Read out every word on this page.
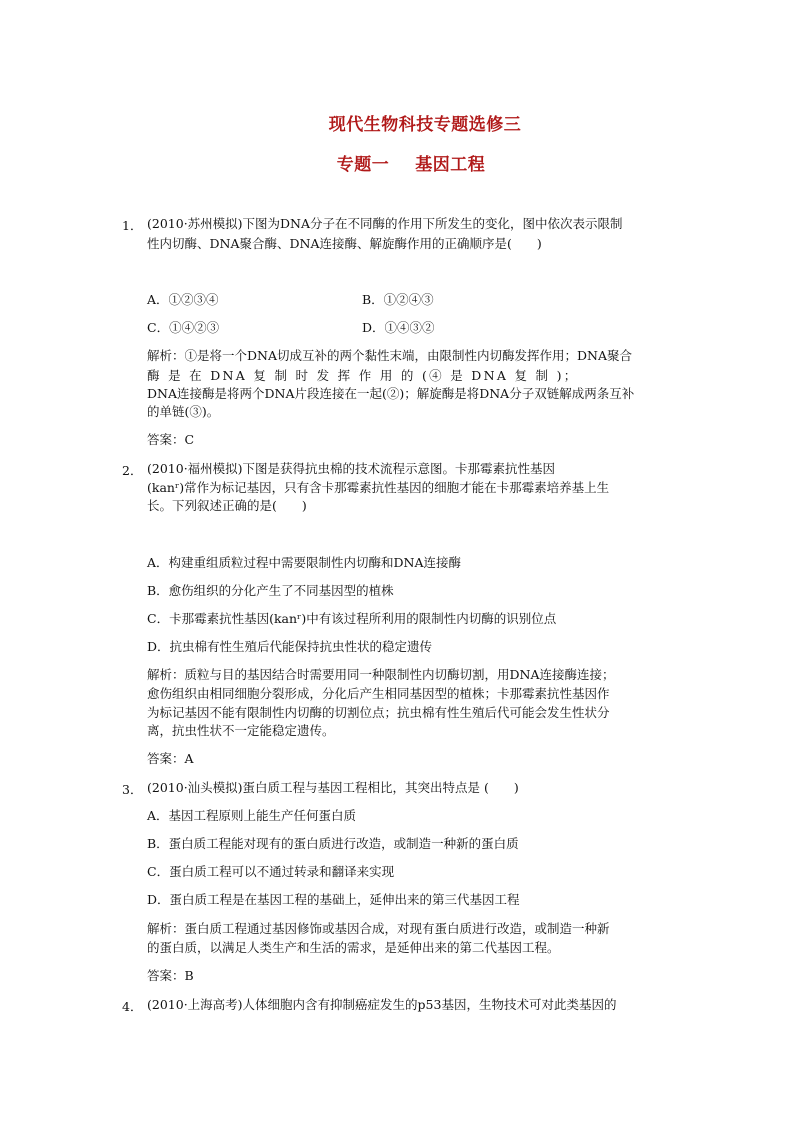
现代生物科技专题选修三
专题一 基因工程
1． (2010·苏州模拟)下图为DNA分子在不同酶的作用下所发生的变化，图中依次表示限制
性内切酶、DNA聚合酶、DNA连接酶、解旋酶作用的正确顺序是(　　)
A．①②③④	B．①②④③
C．①④②③	D．①④③②
解析：①是将一个DNA切成互补的两个黏性末端，由限制性内切酶发挥作用；DNA聚合
酶 是 在 DNA 复 制 时 发 挥 作 用 的 (④ 是 DNA 复 制 )；
DNA连接酶是将两个DNA片段连接在一起(②)；解旋酶是将DNA分子双链解成两条互补
的单链(③)。
答案：C
2． (2010·福州模拟)下图是获得抗虫棉的技术流程示意图。卡那霉素抗性基因
(kanʳ)常作为标记基因，只有含卡那霉素抗性基因的细胞才能在卡那霉素培养基上生
长。下列叙述正确的是(　　)
A．构建重组质粒过程中需要限制性内切酶和DNA连接酶
B．愈伤组织的分化产生了不同基因型的植株
C．卡那霉素抗性基因(kanʳ)中有该过程所利用的限制性内切酶的识别位点
D．抗虫棉有性生殖后代能保持抗虫性状的稳定遗传
解析：质粒与目的基因结合时需要用同一种限制性内切酶切割，用DNA连接酶连接；
愈伤组织由相同细胞分裂形成，分化后产生相同基因型的植株；卡那霉素抗性基因作
为标记基因不能有限制性内切酶的切割位点；抗虫棉有性生殖后代可能会发生性状分
离，抗虫性状不一定能稳定遗传。
答案：A
3． (2010·汕头模拟)蛋白质工程与基因工程相比，其突出特点是 (　　)
A．基因工程原则上能生产任何蛋白质
B．蛋白质工程能对现有的蛋白质进行改造，或制造一种新的蛋白质
C．蛋白质工程可以不通过转录和翻译来实现
D．蛋白质工程是在基因工程的基础上，延伸出来的第三代基因工程
解析：蛋白质工程通过基因修饰或基因合成，对现有蛋白质进行改造，或制造一种新
的蛋白质，以满足人类生产和生活的需求，是延伸出来的第二代基因工程。
答案：B
4． (2010·上海高考)人体细胞内含有抑制癌症发生的p53基因，生物技术可对此类基因的
